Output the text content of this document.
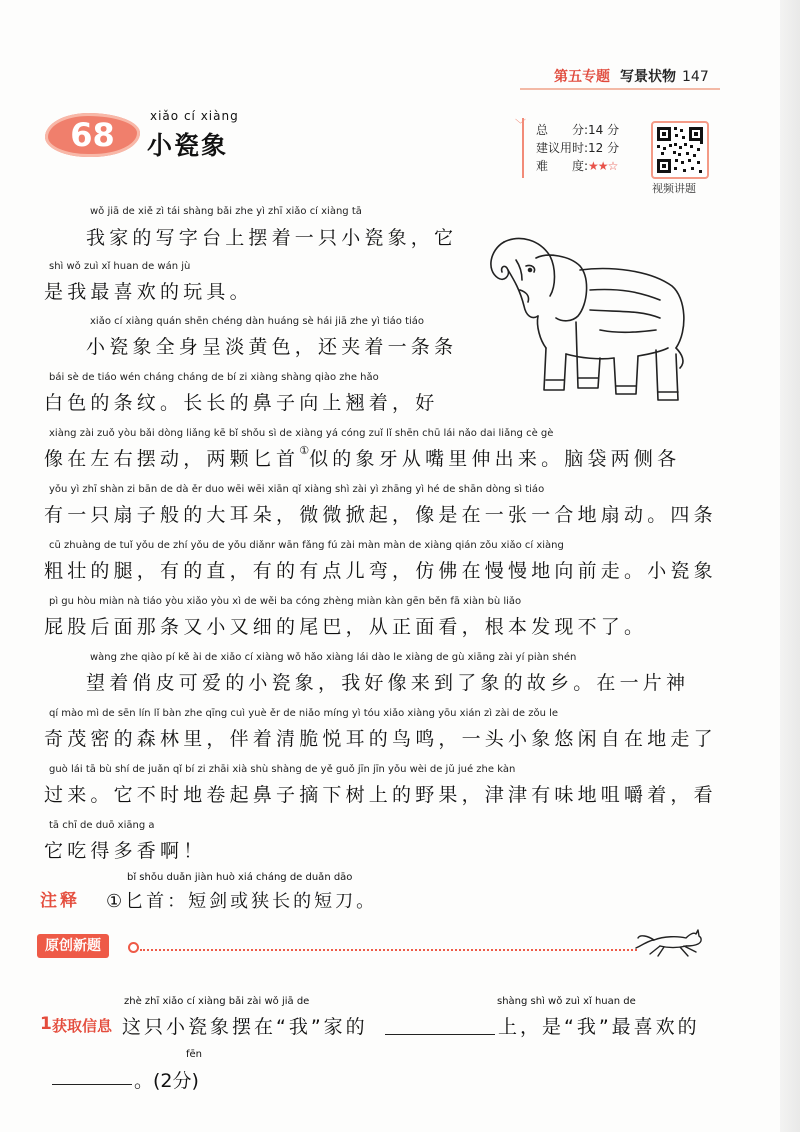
第五专题 写景状物 147
68	xiǎo cí xiàng
小瓷象
﹀ 总　　分:14 分
建议用时:12 分
难　　度:★★☆
视频讲题
wǒ jiā de xiě zì tái shàng bǎi zhe yì zhī xiǎo cí xiàng tā
我家的写字台上摆着一只小瓷象，它
shì wǒ zuì xǐ huan de wán jù
是我最喜欢的玩具。
xiǎo cí xiàng quán shēn chéng dàn huáng sè hái jiā zhe yì tiáo tiáo
小瓷象全身呈淡黄色，还夹着一条条
bái sè de tiáo wén cháng cháng de bí zi xiàng shàng qiào zhe hǎo
白色的条纹。长长的鼻子向上翘着，好
xiàng zài zuǒ yòu bǎi dòng liǎng kē bǐ shǒu sì de xiàng yá cóng zuǐ lǐ shēn chū lái nǎo dai liǎng cè gè
像在左右摆动，两颗匕首①似的象牙从嘴里伸出来。脑袋两侧各
yǒu yì zhī shàn zi bān de dà ěr duo wēi wēi xiān qǐ xiàng shì zài yì zhāng yì hé de shān dòng sì tiáo
有一只扇子般的大耳朵，微微掀起，像是在一张一合地扇动。四条
cū zhuàng de tuǐ yǒu de zhí yǒu de yǒu diǎnr wān fǎng fú zài màn màn de xiàng qián zǒu xiǎo cí xiàng
粗壮的腿，有的直，有的有点儿弯，仿佛在慢慢地向前走。小瓷象
pì gu hòu miàn nà tiáo yòu xiǎo yòu xì de wěi ba cóng zhèng miàn kàn gēn běn fā xiàn bù liǎo
屁股后面那条又小又细的尾巴，从正面看，根本发现不了。
wàng zhe qiào pí kě ài de xiǎo cí xiàng wǒ hǎo xiàng lái dào le xiàng de gù xiāng zài yí piàn shén
望着俏皮可爱的小瓷象，我好像来到了象的故乡。在一片神
qí mào mì de sēn lín lǐ bàn zhe qīng cuì yuè ěr de niǎo míng yì tóu xiǎo xiàng yōu xián zì zài de zǒu le
奇茂密的森林里，伴着清脆悦耳的鸟鸣，一头小象悠闲自在地走了
guò lái tā bù shí de juǎn qǐ bí zi zhāi xià shù shàng de yě guǒ jīn jīn yǒu wèi de jǔ jué zhe kàn
过来。它不时地卷起鼻子摘下树上的野果，津津有味地咀嚼着，看
tā chī de duō xiāng a
它吃得多香啊！
注释
bǐ shǒu duǎn jiàn huò xiá cháng de duǎn dāo
①匕首：短剑或狭长的短刀。
原创新题
1 获取信息
zhè zhī xiǎo cí xiàng bǎi zài wǒ jiā de
这只小瓷象摆在“我”家的
shàng shì wǒ zuì xǐ huan de
上，是“我”最喜欢的
fēn
。(2分)
